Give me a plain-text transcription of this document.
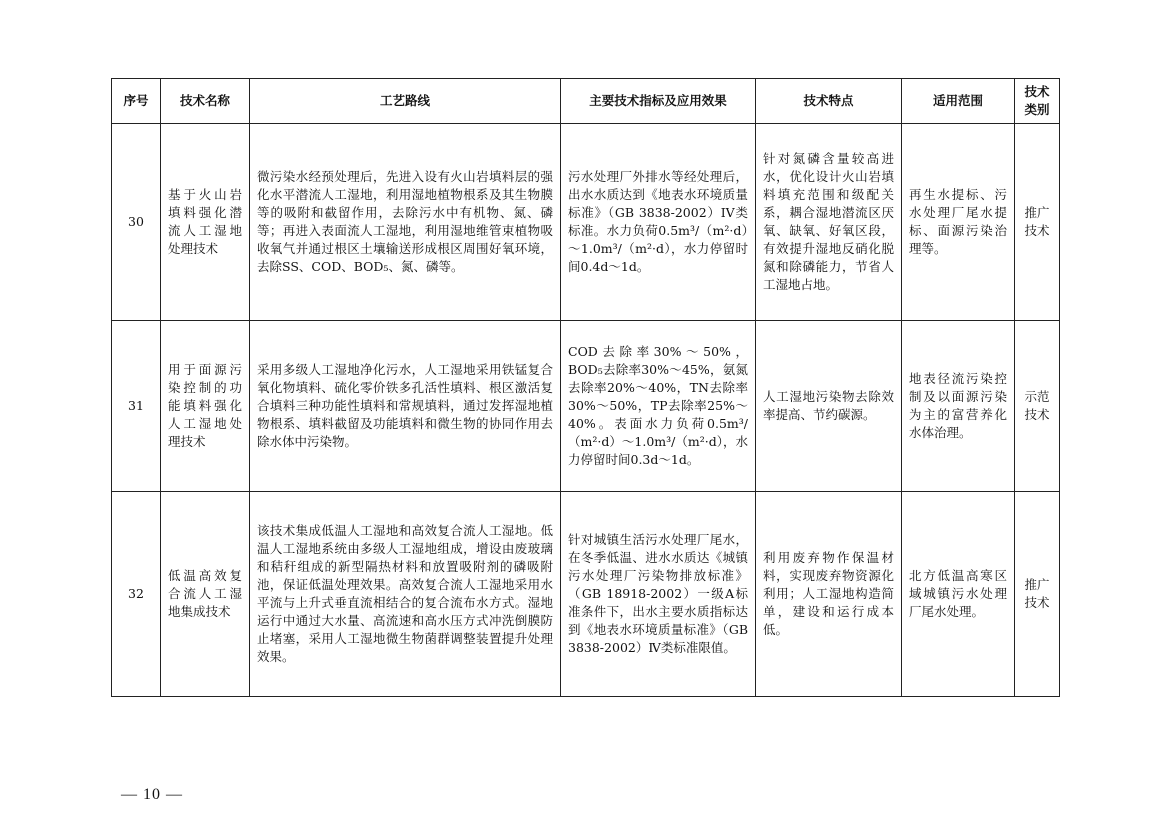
序号	技术名称	工艺路线	主要技术指标及应用效果	技术特点	适用范围	技术类别
30	基于火山岩填料强化潜流人工湿地处理技术	微污染水经预处理后，先进入设有火山岩填料层的强化水平潜流人工湿地，利用湿地植物根系及其生物膜等的吸附和截留作用，去除污水中有机物、氮、磷等；再进入表面流人工湿地，利用湿地维管束植物吸收氧气并通过根区土壤输送形成根区周围好氧环境，去除SS、COD、BOD₅、氮、磷等。	污水处理厂外排水等经处理后，出水水质达到《地表水环境质量标准》（GB 3838-2002）IV类标准。水力负荷0.5m³/（m²·d）～1.0m³/（m²·d），水力停留时间0.4d～1d。	针对氮磷含量较高进水，优化设计火山岩填料填充范围和级配关系，耦合湿地潜流区厌氧、缺氧、好氧区段，有效提升湿地反硝化脱氮和除磷能力，节省人工湿地占地。	再生水提标、污水处理厂尾水提标、面源污染治理等。	推广技术
31	用于面源污染控制的功能填料强化人工湿地处理技术	采用多级人工湿地净化污水，人工湿地采用铁锰复合氧化物填料、硫化零价铁多孔活性填料、根区激活复合填料三种功能性填料和常规填料，通过发挥湿地植物根系、填料截留及功能填料和微生物的协同作用去除水体中污染物。	COD去除率30%～50%，BOD₅去除率30%～45%，氨氮去除率20%～40%，TN去除率30%～50%，TP去除率25%～40%。表面水力负荷0.5m³/（m²·d）～1.0m³/（m²·d），水力停留时间0.3d～1d。	人工湿地污染物去除效率提高、节约碳源。	地表径流污染控制及以面源污染为主的富营养化水体治理。	示范技术
32	低温高效复合流人工湿地集成技术	该技术集成低温人工湿地和高效复合流人工湿地。低温人工湿地系统由多级人工湿地组成，增设由废玻璃和秸秆组成的新型隔热材料和放置吸附剂的磷吸附池，保证低温处理效果。高效复合流人工湿地采用水平流与上升式垂直流相结合的复合流布水方式。湿地运行中通过大水量、高流速和高水压方式冲洗倒膜防止堵塞，采用人工湿地微生物菌群调整装置提升处理效果。	针对城镇生活污水处理厂尾水，在冬季低温、进水水质达《城镇污水处理厂污染物排放标准》（GB 18918-2002）一级A标准条件下，出水主要水质指标达到《地表水环境质量标准》（GB 3838-2002）Ⅳ类标准限值。	利用废弃物作保温材料，实现废弃物资源化利用；人工湿地构造简单，建设和运行成本低。	北方低温高寒区域城镇污水处理厂尾水处理。	推广技术
— 10 —
